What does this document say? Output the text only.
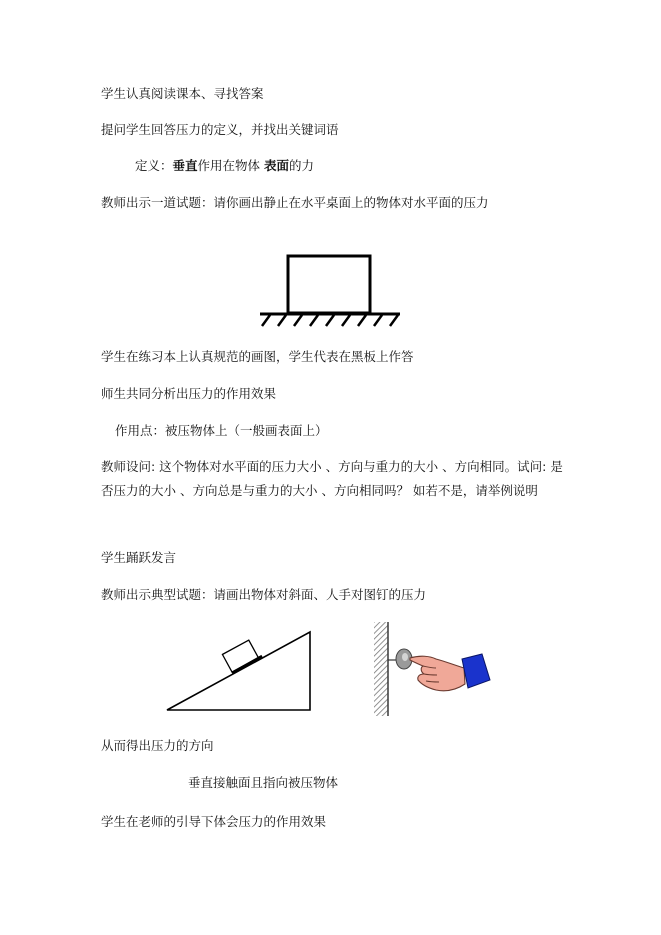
学生认真阅读课本、寻找答案
提问学生回答压力的定义，并找出关键词语
定义：垂直作用在物体 表面的力
教师出示一道试题：请你画出静止在水平桌面上的物体对水平面的压力
学生在练习本上认真规范的画图，学生代表在黑板上作答
师生共同分析出压力的作用效果
作用点：被压物体上（一般画表面上）
教师设问: 这个物体对水平面的压力大小 、方向与重力的大小 、方向相同。试问: 是否压力的大小 、方向总是与重力的大小 、方向相同吗？ 如若不是，请举例说明
学生踊跃发言
教师出示典型试题：请画出物体对斜面、人手对图钉的压力
从而得出压力的方向
垂直接触面且指向被压物体
学生在老师的引导下体会压力的作用效果
